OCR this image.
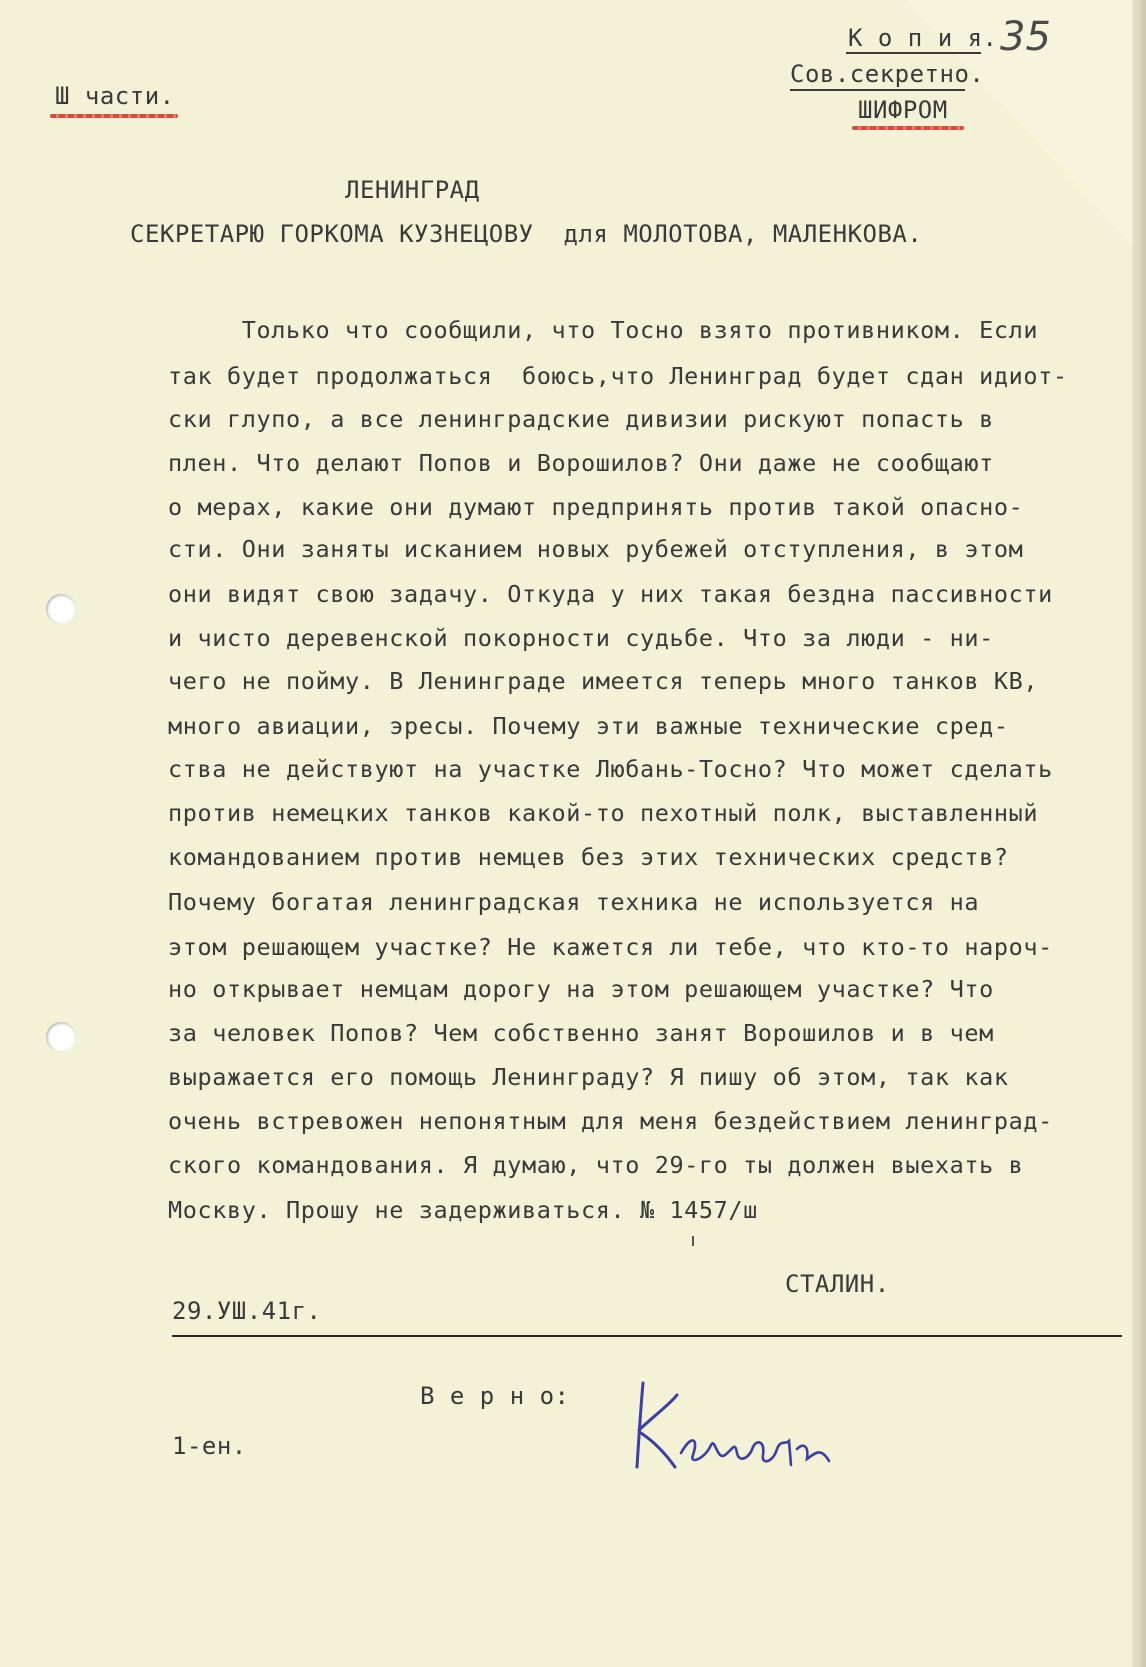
Ш части.
К о п и я. 35
Сов.секретно.
ШИФРОМ
ЛЕНИНГРАД
СЕКРЕТАРЮ ГОРКОМА КУЗНЕЦОВУ  для МОЛОТОВА, МАЛЕНКОВА.
Только что сообщили, что Тосно взято противником. Если
так будет продолжаться  боюсь,что Ленинград будет сдан идиот-
ски глупо, а все ленинградские дивизии рискуют попасть в
плен. Что делают Попов и Ворошилов? Они даже не сообщают
о мерах, какие они думают предпринять против такой опасно-
сти. Они заняты исканием новых рубежей отступления, в этом
они видят свою задачу. Откуда у них такая бездна пассивности
и чисто деревенской покорности судьбе. Что за люди - ни-
чего не пойму. В Ленинграде имеется теперь много танков КВ,
много авиации, эресы. Почему эти важные технические сред-
ства не действуют на участке Любань-Тосно? Что может сделать
против немецких танков какой-то пехотный полк, выставленный
командованием против немцев без этих технических средств?
Почему богатая ленинградская техника не используется на
этом решающем участке? Не кажется ли тебе, что кто-то нароч-
но открывает немцам дорогу на этом решающем участке? Что
за человек Попов? Чем собственно занят Ворошилов и в чем
выражается его помощь Ленинграду? Я пишу об этом, так как
очень встревожен непонятным для меня бездействием ленинград-
ского командования. Я думаю, что 29-го ты должен выехать в
Москву. Прошу не задерживаться. № 1457/ш
СТАЛИН.
29.УШ.41г.
В е р н о:
1-ен.
